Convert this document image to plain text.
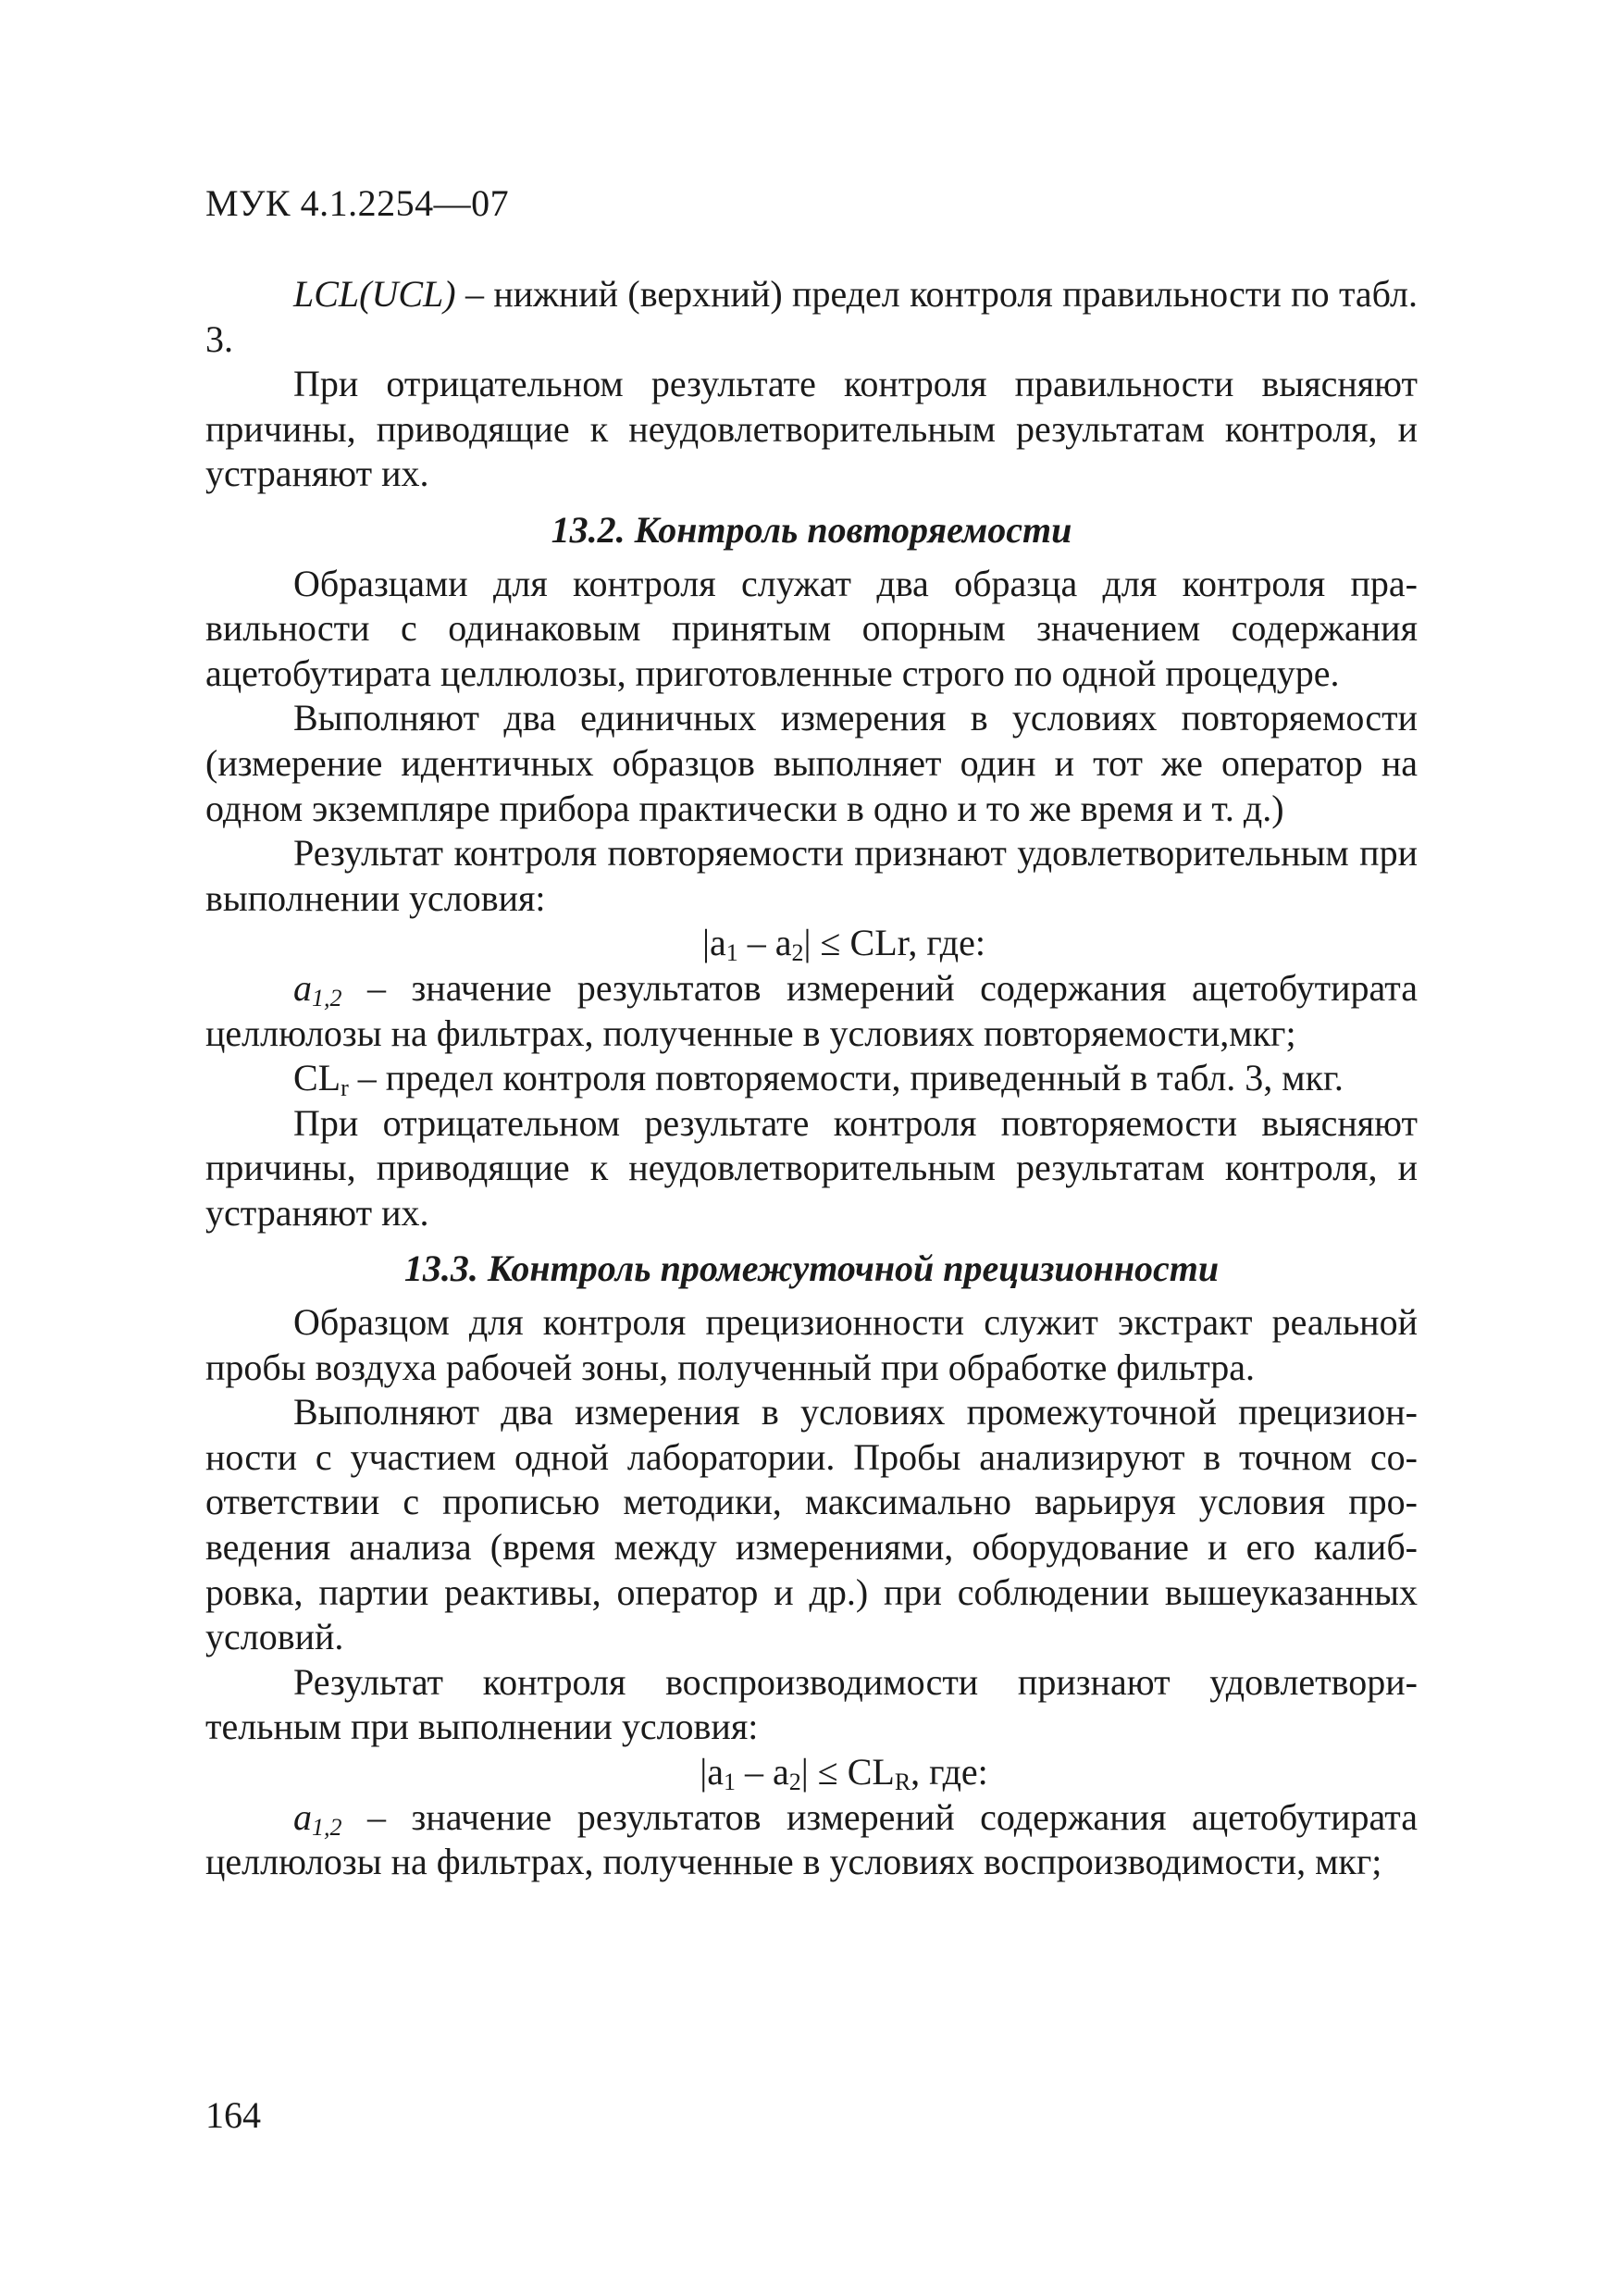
МУК 4.1.2254—07

LCL(UCL) – нижний (верхний) предел контроля правильности по табл. 3.

При отрицательном результате контроля правильности выясняют причины, приводящие к неудовлетворительным результатам контроля, и устраняют их.

13.2. Контроль повторяемости

Образцами для контроля служат два образца для контроля правильности с одинаковым принятым опорным значением содержания ацетобутирата целлюлозы, приготовленные строго по одной процедуре.

Выполняют два единичных измерения в условиях повторяемости (измерение идентичных образцов выполняет один и тот же оператор на одном экземпляре прибора практически в одно и то же время и т. д.)

Результат контроля повторяемости признают удовлетворительным при выполнении условия:

$|a_1 - a_2|$ ≤ CLr, где:

$a_{1,2}$ – значение результатов измерений содержания ацетобутирата целлюлозы на фильтрах, полученные в условиях повторяемости,мкг;

$CL_r$ – предел контроля повторяемости, приведенный в табл. 3, мкг.

При отрицательном результате контроля повторяемости выясняют причины, приводящие к неудовлетворительным результатам контроля, и устраняют их.

13.3. Контроль промежуточной прецизионности

Образцом для контроля прецизионности служит экстракт реальной пробы воздуха рабочей зоны, полученный при обработке фильтра.

Выполняют два измерения в условиях промежуточной прецизионности с участием одной лаборатории. Пробы анализируют в точном соответствии с прописью методики, максимально варьируя условия проведения анализа (время между измерениями, оборудование и его калибровка, партии реактивы, оператор и др.) при соблюдении вышеуказанных условий.

Результат контроля воспроизводимости признают удовлетворительным при выполнении условия:

$|a_1 - a_2| \le CL_R$, где:

$a_{1,2}$ – значение результатов измерений содержания ацетобутирата целлюлозы на фильтрах, полученные в условиях воспроизводимости, мкг;

164
